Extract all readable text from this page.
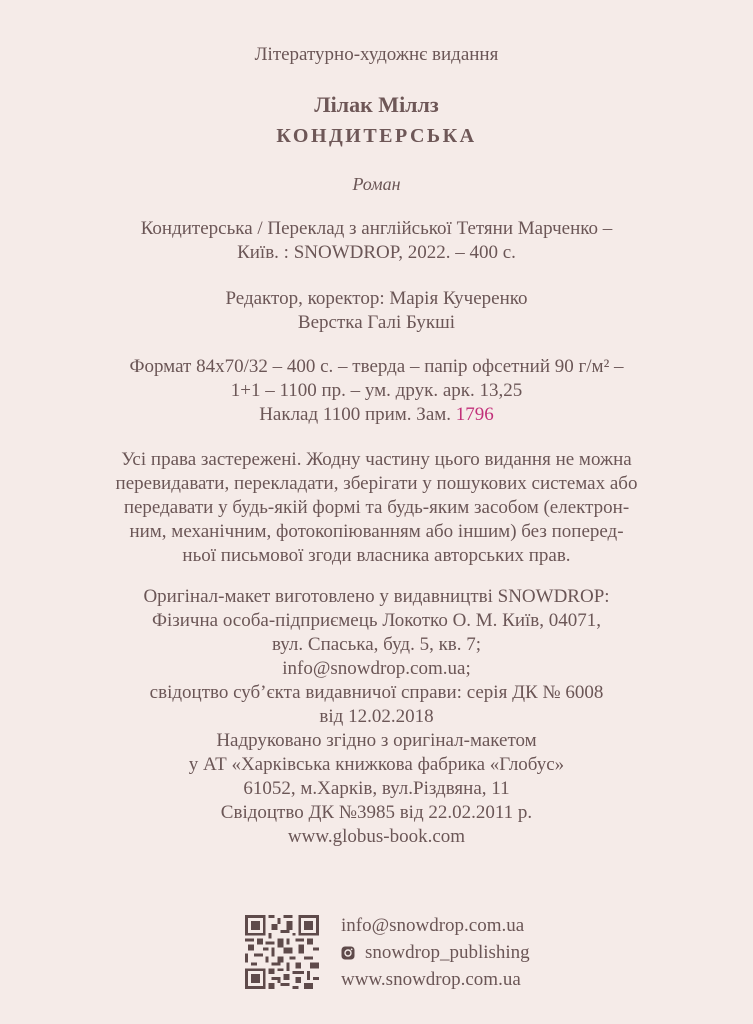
Літературно-художнє видання
Лілак Міллз
КОНДИТЕРСЬКА
Роман
Кондитерська / Переклад з англійської Тетяни Марченко –
Київ. : SNOWDROP, 2022. – 400 с.
Редактор, коректор: Марія Кучеренко
Верстка Галі Букші
Формат 84х70/32 – 400 с. – тверда – папір офсетний 90 г/м² –
1+1 – 1100 пр. – ум. друк. арк. 13,25
Наклад 1100 прим. Зам. 1796
Усі права застережені. Жодну частину цього видання не можна
перевидавати, перекладати, зберігати у пошукових системах або
передавати у будь-якій формі та будь-яким засобом (електрон-
ним, механічним, фотокопіюванням або іншим) без поперед-
ньої письмової згоди власника авторських прав.
Оригінал-макет виготовлено у видавництві SNOWDROP:
Фізична особа-підприємець Локотко О. М. Київ, 04071,
вул. Спаська, буд. 5, кв. 7;
info@snowdrop.com.ua;
свідоцтво суб’єкта видавничої справи: серія ДК № 6008
від 12.02.2018
Надруковано згідно з оригінал-макетом
у АТ «Харківська книжкова фабрика «Глобус»
61052, м.Харків, вул.Різдвяна, 11
Свідоцтво ДК №3985 від 22.02.2011 р.
www.globus-book.com
info@snowdrop.com.ua
snowdrop_publishing
www.snowdrop.com.ua
